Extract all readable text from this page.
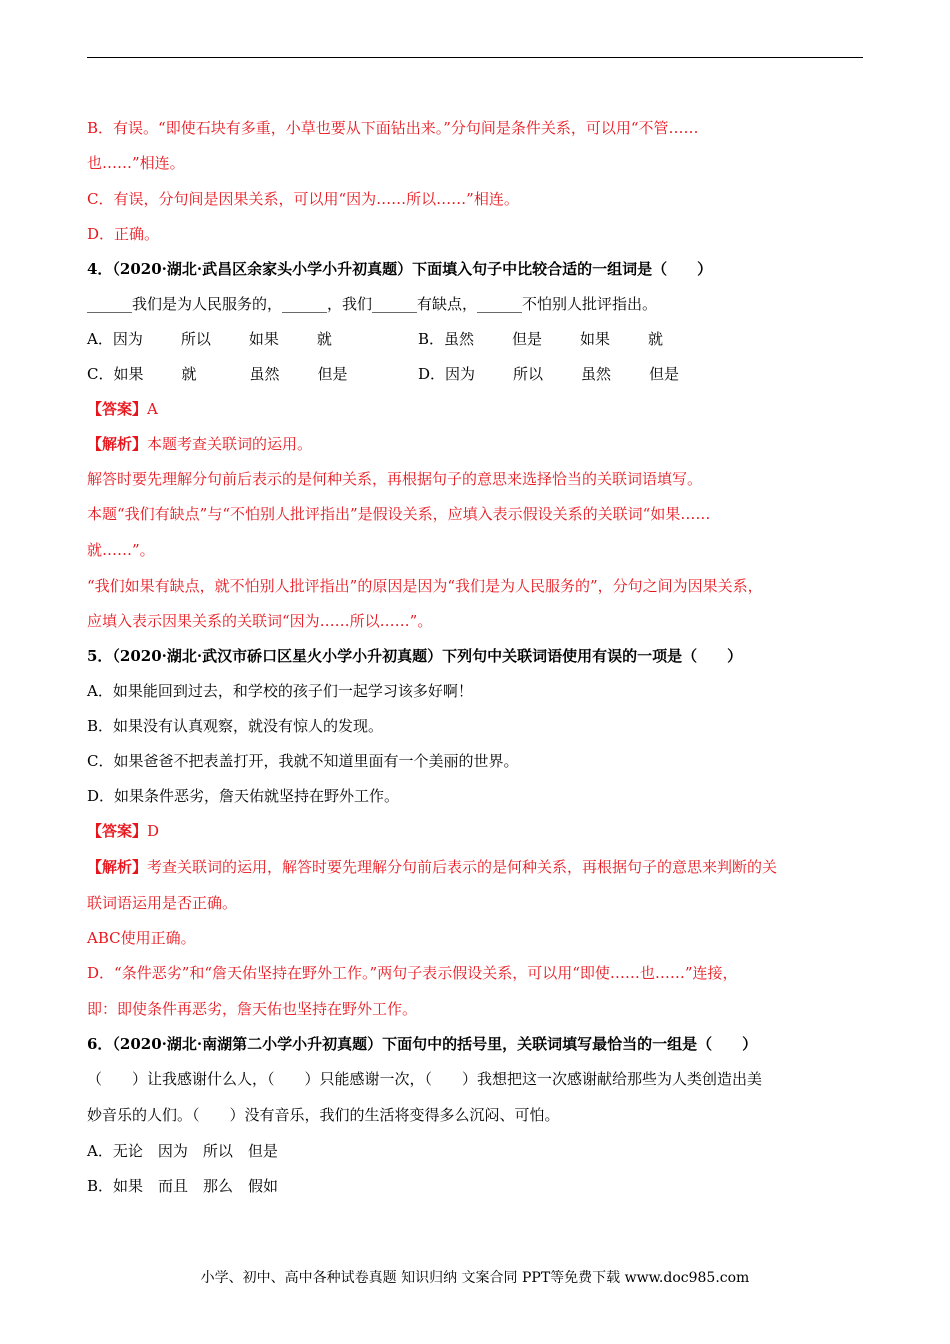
B．有误。“即使石块有多重，小草也要从下面钻出来。”分句间是条件关系，可以用“不管……
也……”相连。
C．有误，分句间是因果关系，可以用“因为……所以……”相连。
D．正确。
4．（2020·湖北·武昌区余家头小学小升初真题）下面填入句子中比较合适的一组词是（　　）
______我们是为人民服务的，______，我们______有缺点，______不怕别人批评指出。
A．因为	所以	如果	就	B．虽然	但是	如果	就
C．如果	就	虽然	但是	D．因为	所以	虽然	但是
【答案】A
【解析】本题考查关联词的运用。
解答时要先理解分句前后表示的是何种关系，再根据句子的意思来选择恰当的关联词语填写。
本题“我们有缺点”与“不怕别人批评指出”是假设关系，应填入表示假设关系的关联词“如果……
就……”。
“我们如果有缺点，就不怕别人批评指出”的原因是因为“我们是为人民服务的”，分句之间为因果关系，
应填入表示因果关系的关联词“因为……所以……”。
5．（2020·湖北·武汉市硚口区星火小学小升初真题）下列句中关联词语使用有误的一项是（　　）
A．如果能回到过去，和学校的孩子们一起学习该多好啊！
B．如果没有认真观察，就没有惊人的发现。
C．如果爸爸不把表盖打开，我就不知道里面有一个美丽的世界。
D．如果条件恶劣，詹天佑就坚持在野外工作。
【答案】D
【解析】考查关联词的运用，解答时要先理解分句前后表示的是何种关系，再根据句子的意思来判断的关
联词语运用是否正确。
ABC使用正确。
D．“条件恶劣”和“詹天佑坚持在野外工作。”两句子表示假设关系，可以用“即使……也……”连接，
即：即使条件再恶劣，詹天佑也坚持在野外工作。
6．（2020·湖北·南湖第二小学小升初真题）下面句中的括号里，关联词填写最恰当的一组是（　　）
（　　）让我感谢什么人，（　　）只能感谢一次，（　　）我想把这一次感谢献给那些为人类创造出美
妙音乐的人们。（　　）没有音乐，我们的生活将变得多么沉闷、可怕。
A．无论　因为　所以　但是
B．如果　而且　那么　假如
小学、初中、高中各种试卷真题 知识归纳 文案合同 PPT等免费下载 www.doc985.com
